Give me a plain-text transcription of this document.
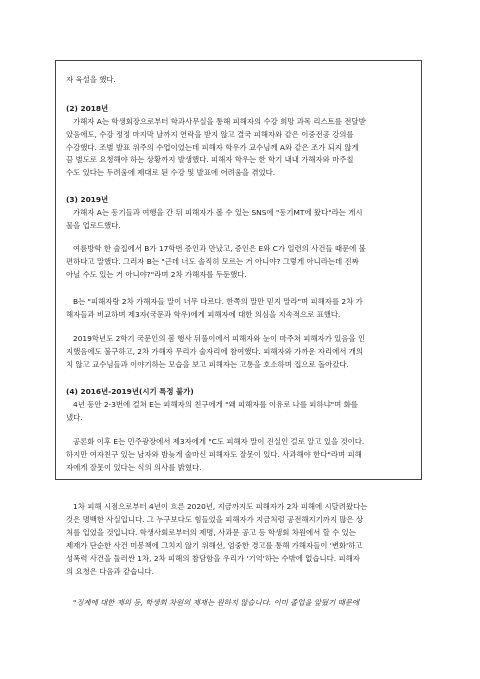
자 육설을 했다.
(2) 2018년
가해자 A는 학생회장으로부터 학과사무실을 통해 피해자의 수강 희망 과목 리스트를 전달받
았음에도, 수강 정정 마지막 날까지 연락을 받지 않고 결국 피해자와 같은 이중전공 강의를
수강했다. 조별 발표 위주의 수업이었는데 피해자 학우가 교수님께 A와 같은 조가 되지 않게
끔 별도로 요청해야 하는 상황까지 발생했다. 피해자 학우는 한 학기 내내 가해자와 마주칠
수도 있다는 두려움에 제대로 된 수강 및 발표에 어려움을 겪었다.
(3) 2019년
가해자 A는 동기들과 여행을 간 뒤 피해자가 볼 수 있는 SNS에 "동기MT에 왔다"라는 게시
물을 업로드했다.
여름방학 한 술집에서 B가 17학번 증인과 만났고, 증인은 E와 C가 일련의 사건들 때문에 불
편하다고 말했다. 그러자 B는 "근데 너도 솔직히 모르는 거 아니야? 그렇게 아니라는데 진짜
아닐 수도 있는 거 아니야?"라며 2차 가해자를 두둔했다.
B는 "피해자랑 2차 가해자들 말이 너무 다르다. 한쪽의 말만 믿지 말라"며 피해자를 2차 가
해자들과 비교하며 제3자(국문과 학우)에게 피해자에 대한 의심을 지속적으로 표했다.
2019학년도 2학기 국문인의 봄 행사 뒤풀이에서 피해자와 눈이 마주쳐 피해자가 있음을 인
지했음에도 불구하고, 2차 가해자 무리가 술자리에 참여했다. 피해자와 가까운 자리에서 개의
치 않고 교수님들과 이야기하는 모습을 보고 피해자는 고통을 호소하며 집으로 돌아갔다.
(4) 2016년-2019년(시기 특정 불가)
4년 동안 2-3번에 걸쳐 E는 피해자의 친구에게 "왜 피해자를 이유로 나를 피하냐"며 화를
냈다.
공론화 이후 E는 민주광장에서 제3자에게 "C도 피해자 말이 진실인 걸로 알고 있을 것이다.
하지만 여자친구 있는 남자와 밤늦게 술마신 피해자도 잘못이 있다. 사과해야 한다"라며 피해
자에게 잘못이 있다는 식의 의사를 밝혔다.
1차 피해 시점으로부터 4년이 흐른 2020년, 지금까지도 피해자가 2차 피해에 시달려왔다는
것은 명백한 사실입니다. 그 누구보다도 힘들었을 피해자가 지금처럼 공전해지기까지 많은 상
처를 입었을 것입니다. 학생사회로부터의 제명, 사과문 공고 등 학생회 차원에서 할 수 있는
제재가 단순한 사건 미봉책에 그치지 않기 위해선, 엄중한 경고를 통해 가해자들이 '변화'하고
성폭력 사건을 둘러싼 1차, 2차 피해의 참담함을 우리가 '기억'하는 수밖에 없습니다. 피해자
의 요청은 다음과 같습니다.
"징계에 대한 제의 등, 학생회 차원의 제재는 원하지 않습니다. 이미 졸업을 앞뒀기 때문에
